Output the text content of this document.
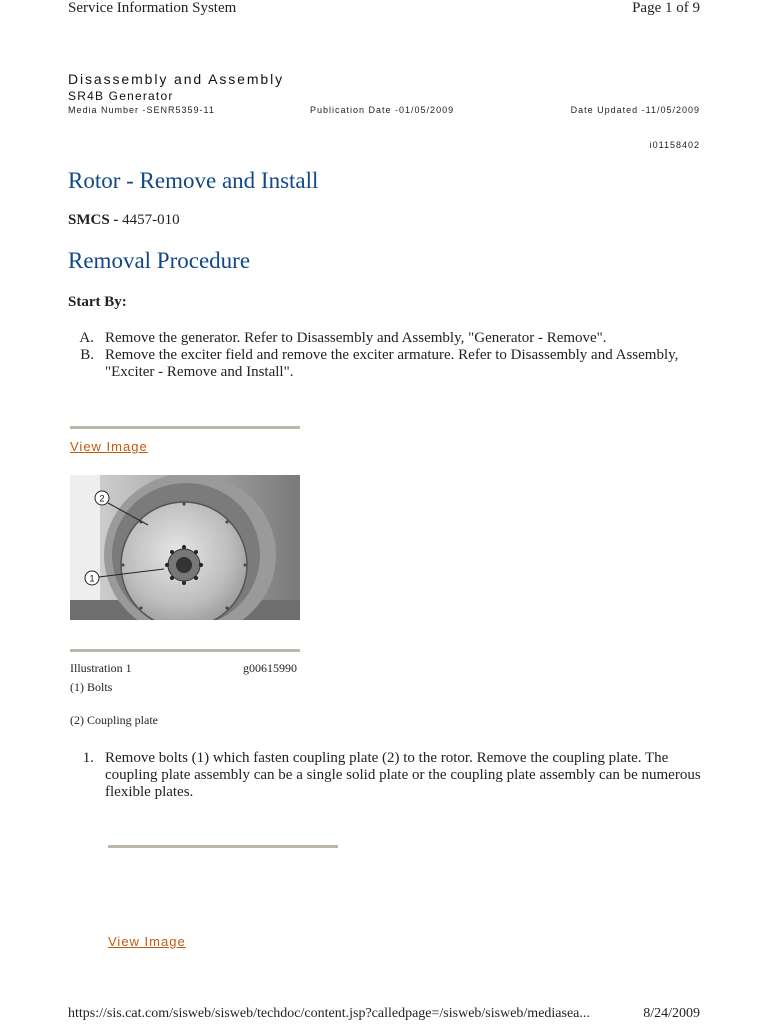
Service Information System	Page 1 of 9
Disassembly and Assembly
SR4B Generator
Media Number -SENR5359-11	Publication Date -01/05/2009	Date Updated -11/05/2009
i01158402
Rotor - Remove and Install
SMCS - 4457-010
Removal Procedure
Start By:
A. Remove the generator. Refer to Disassembly and Assembly, "Generator - Remove".
B. Remove the exciter field and remove the exciter armature. Refer to Disassembly and Assembly, "Exciter - Remove and Install".
View Image
2
1
Illustration 1	g00615990
(1) Bolts
(2) Coupling plate
1. Remove bolts (1) which fasten coupling plate (2) to the rotor. Remove the coupling plate. The coupling plate assembly can be a single solid plate or the coupling plate assembly can be numerous flexible plates.
View Image
https://sis.cat.com/sisweb/sisweb/techdoc/content.jsp?calledpage=/sisweb/sisweb/mediasea...	8/24/2009
